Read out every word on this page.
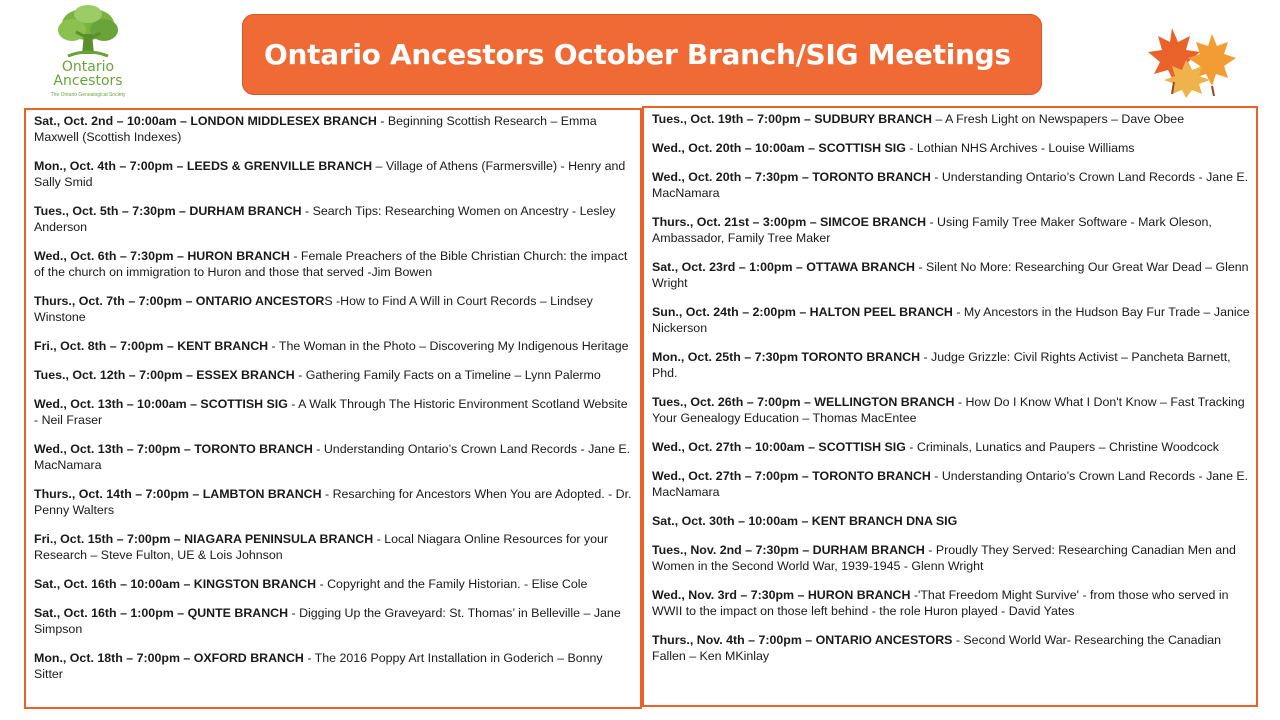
Ontario
Ancestors
The Ontario Genealogical Society
Ontario Ancestors October Branch/SIG Meetings

Sat., Oct. 2nd – 10:00am – LONDON MIDDLESEX BRANCH - Beginning Scottish Research – Emma Maxwell (Scottish Indexes)

Mon., Oct. 4th – 7:00pm – LEEDS & GRENVILLE BRANCH – Village of Athens (Farmersville) - Henry and Sally Smid

Tues., Oct. 5th – 7:30pm – DURHAM BRANCH - Search Tips: Researching Women on Ancestry - Lesley Anderson

Wed., Oct. 6th – 7:30pm – HURON BRANCH - Female Preachers of the Bible Christian Church: the impact of the church on immigration to Huron and those that served -Jim Bowen

Thurs., Oct. 7th – 7:00pm – ONTARIO ANCESTORS -How to Find A Will in Court Records – Lindsey Winstone

Fri., Oct. 8th – 7:00pm – KENT BRANCH - The Woman in the Photo – Discovering My Indigenous Heritage

Tues., Oct. 12th – 7:00pm – ESSEX BRANCH - Gathering Family Facts on a Timeline – Lynn Palermo

Wed., Oct. 13th – 10:00am – SCOTTISH SIG - A Walk Through The Historic Environment Scotland Website - Neil Fraser

Wed., Oct. 13th – 7:00pm – TORONTO BRANCH - Understanding Ontario’s Crown Land Records - Jane E. MacNamara

Thurs., Oct. 14th – 7:00pm – LAMBTON BRANCH - Resarching for Ancestors When You are Adopted. - Dr. Penny Walters

Fri., Oct. 15th – 7:00pm – NIAGARA PENINSULA BRANCH - Local Niagara Online Resources for your Research – Steve Fulton, UE & Lois Johnson

Sat., Oct. 16th – 10:00am – KINGSTON BRANCH - Copyright and the Family Historian. - Elise Cole

Sat., Oct. 16th – 1:00pm – QUNTE BRANCH - Digging Up the Graveyard: St. Thomas’ in Belleville – Jane Simpson

Mon., Oct. 18th – 7:00pm – OXFORD BRANCH - The 2016 Poppy Art Installation in Goderich – Bonny Sitter

Tues., Oct. 19th – 7:00pm – SUDBURY BRANCH – A Fresh Light on Newspapers – Dave Obee

Wed., Oct. 20th – 10:00am – SCOTTISH SIG - Lothian NHS Archives - Louise Williams

Wed., Oct. 20th – 7:30pm – TORONTO BRANCH - Understanding Ontario’s Crown Land Records - Jane E. MacNamara

Thurs., Oct. 21st – 3:00pm – SIMCOE BRANCH - Using Family Tree Maker Software - Mark Oleson, Ambassador, Family Tree Maker

Sat., Oct. 23rd – 1:00pm – OTTAWA BRANCH - Silent No More: Researching Our Great War Dead – Glenn Wright

Sun., Oct. 24th – 2:00pm – HALTON PEEL BRANCH - My Ancestors in the Hudson Bay Fur Trade – Janice Nickerson

Mon., Oct. 25th – 7:30pm TORONTO BRANCH - Judge Grizzle: Civil Rights Activist – Pancheta Barnett, Phd.

Tues., Oct. 26th – 7:00pm – WELLINGTON BRANCH - How Do I Know What I Don't Know – Fast Tracking Your Genealogy Education – Thomas MacEntee

Wed., Oct. 27th – 10:00am – SCOTTISH SIG - Criminals, Lunatics and Paupers – Christine Woodcock

Wed., Oct. 27th – 7:00pm – TORONTO BRANCH - Understanding Ontario’s Crown Land Records - Jane E. MacNamara

Sat., Oct. 30th – 10:00am – KENT BRANCH DNA SIG

Tues., Nov. 2nd – 7:30pm – DURHAM BRANCH - Proudly They Served: Researching Canadian Men and Women in the Second World War, 1939-1945 - Glenn Wright

Wed., Nov. 3rd – 7:30pm – HURON BRANCH -'That Freedom Might Survive' - from those who served in WWII to the impact on those left behind - the role Huron played - David Yates

Thurs., Nov. 4th – 7:00pm – ONTARIO ANCESTORS - Second World War- Researching the Canadian Fallen – Ken MKinlay
